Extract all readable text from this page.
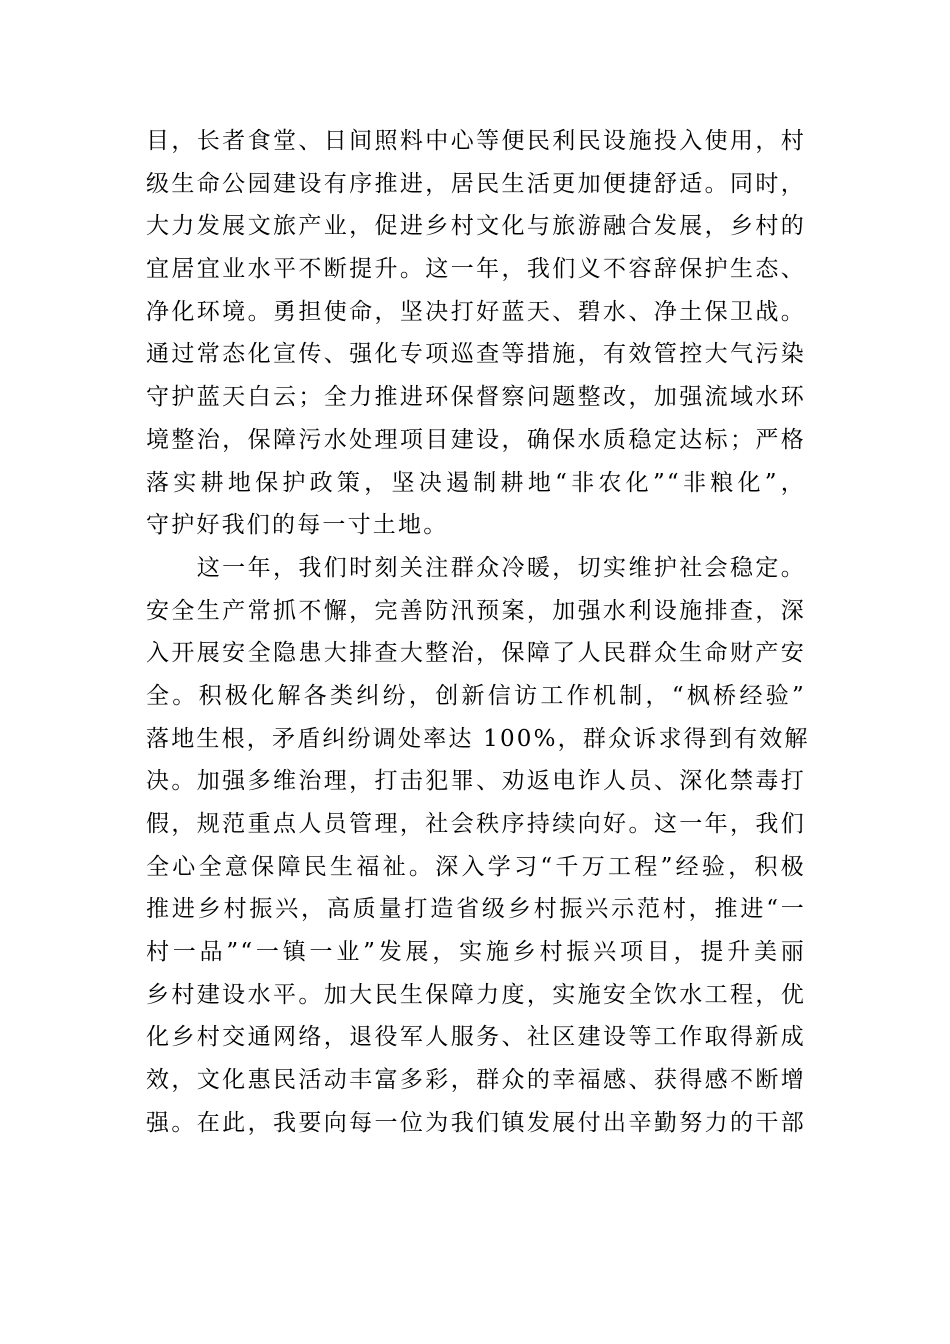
目，长者食堂、日间照料中心等便民利民设施投入使用，村
级生命公园建设有序推进，居民生活更加便捷舒适。同时，
大力发展文旅产业，促进乡村文化与旅游融合发展，乡村的
宜居宜业水平不断提升。这一年，我们义不容辞保护生态、
净化环境。勇担使命，坚决打好蓝天、碧水、净土保卫战。
通过常态化宣传、强化专项巡查等措施，有效管控大气污染
守护蓝天白云；全力推进环保督察问题整改，加强流域水环
境整治，保障污水处理项目建设，确保水质稳定达标；严格
落实耕地保护政策，坚决遏制耕地“非农化”“非粮化”，
守护好我们的每一寸土地。

　　这一年，我们时刻关注群众冷暖，切实维护社会稳定。
安全生产常抓不懈，完善防汛预案，加强水利设施排查，深
入开展安全隐患大排查大整治，保障了人民群众生命财产安
全。积极化解各类纠纷，创新信访工作机制，“枫桥经验”
落地生根，矛盾纠纷调处率达 100%，群众诉求得到有效解
决。加强多维治理，打击犯罪、劝返电诈人员、深化禁毒打
假，规范重点人员管理，社会秩序持续向好。这一年，我们
全心全意保障民生福祉。深入学习“千万工程”经验，积极
推进乡村振兴，高质量打造省级乡村振兴示范村，推进“一
村一品”“一镇一业”发展，实施乡村振兴项目，提升美丽
乡村建设水平。加大民生保障力度，实施安全饮水工程，优
化乡村交通网络，退役军人服务、社区建设等工作取得新成
效，文化惠民活动丰富多彩，群众的幸福感、获得感不断增
强。在此，我要向每一位为我们镇发展付出辛勤努力的干部
